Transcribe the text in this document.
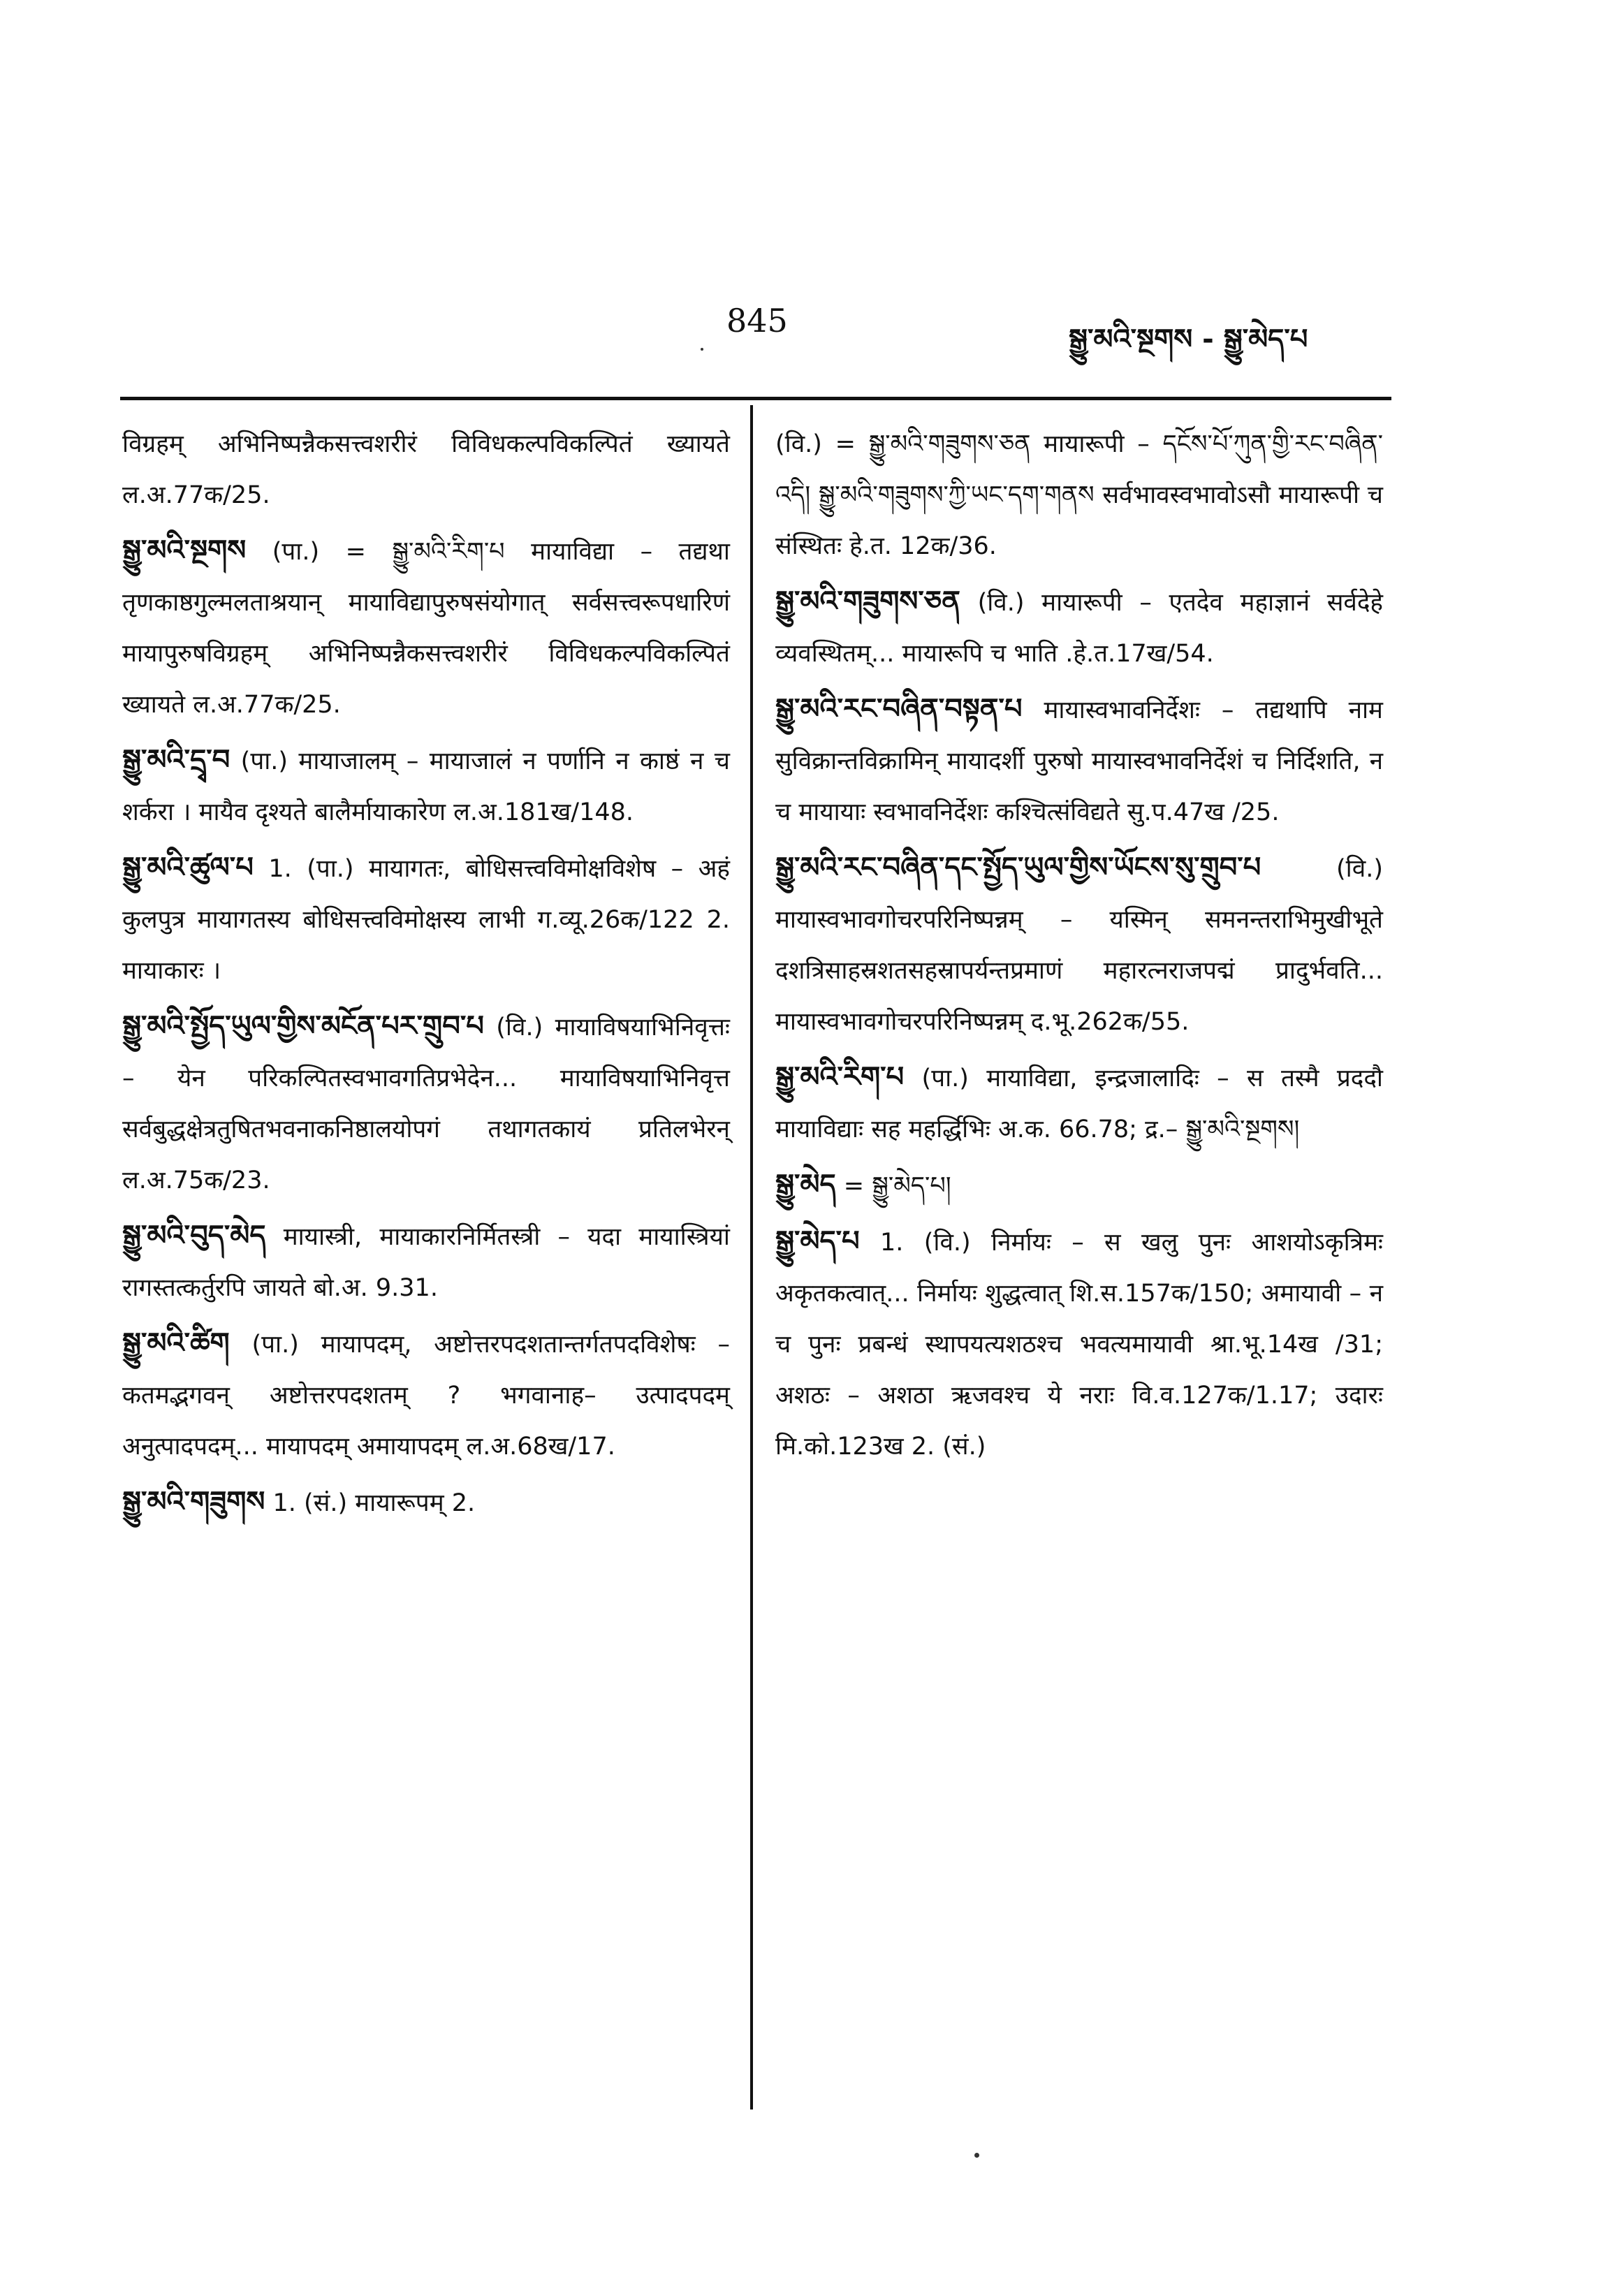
845	སྒྱུ་མའི་སྔགས - སྒྱུ་མེད་པ
विग्रहम् अभिनिष्पन्नैकसत्त्वशरीरं विविधकल्पविकल्पितं ख्यायते ल.अ.77क/25.
སྒྱུ་མའི་སྔགས (पा.) = སྒྱུ་མའི་རིག་པ मायाविद्या – तद्यथा तृणकाष्ठगुल्मलताश्रयान् मायाविद्यापुरुषसंयोगात् सर्वसत्त्वरूपधारिणं मायापुरुषविग्रहम् अभिनिष्पन्नैकसत्त्वशरीरं विविधकल्पविकल्पितं ख्यायते ल.अ.77क/25.
སྒྱུ་མའི་དྲྭ་བ (पा.) मायाजालम् – मायाजालं न पर्णानि न काष्ठं न च शर्करा । मायैव दृश्यते बालैर्मायाकारेण ल.अ.181ख/148.
སྒྱུ་མའི་ཚུལ་པ 1. (पा.) मायागतः, बोधिसत्त्वविमोक्षविशेष – अहं कुलपुत्र मायागतस्य बोधिसत्त्वविमोक्षस्य लाभी ग.व्यू.26क/122 2. मायाकारः ।
སྒྱུ་མའི་སྤྱོད་ཡུལ་གྱིས་མངོན་པར་གྲུབ་པ (वि.) मायाविषयाभिनिवृत्तः – येन परिकल्पितस्वभावगतिप्रभेदेन... मायाविषयाभिनिवृत्त सर्वबुद्धक्षेत्रतुषितभवनाकनिष्ठालयोपगं तथागतकायं प्रतिलभेरन् ल.अ.75क/23.
སྒྱུ་མའི་བུད་མེད मायास्त्री, मायाकारनिर्मितस्त्री – यदा मायास्त्रियां रागस्तत्कर्तुरपि जायते बो.अ. 9.31.
སྒྱུ་མའི་ཚིག (पा.) मायापदम्, अष्टोत्तरपदशतान्तर्गतपदविशेषः – कतमद्भगवन् अष्टोत्तरपदशतम् ? भगवानाह– उत्पादपदम् अनुत्पादपदम्... मायापदम् अमायापदम् ल.अ.68ख/17.
སྒྱུ་མའི་གཟུགས 1. (सं.) मायारूपम् 2.
(वि.) = སྒྱུ་མའི་གཟུགས་ཅན मायारूपी – དངོས་པོ་ཀུན་གྱི་རང་བཞིན་འདི། སྒྱུ་མའི་གཟུགས་ཀྱི་ཡང་དག་གནས सर्वभावस्वभावोऽसौ मायारूपी च संस्थितः हे.त. 12क/36.
སྒྱུ་མའི་གཟུགས་ཅན (वि.) मायारूपी – एतदेव महाज्ञानं सर्वदेहे व्यवस्थितम्... मायारूपि च भाति .हे.त.17ख/54.
སྒྱུ་མའི་རང་བཞིན་བསྟན་པ मायास्वभावनिर्देशः – तद्यथापि नाम सुविक्रान्तविक्रामिन् मायादर्शी पुरुषो मायास्वभावनिर्देशं च निर्दिशति, न च मायायाः स्वभावनिर्देशः कश्चित्संविद्यते सु.प.47ख /25.
སྒྱུ་མའི་རང་བཞིན་དང་སྤྱོད་ཡུལ་གྱིས་ཡོངས་སུ་གྲུབ་པ	(वि.) मायास्वभावगोचरपरिनिष्पन्नम् – यस्मिन् समनन्तराभिमुखीभूते दशत्रिसाहस्रशतसहस्रापर्यन्तप्रमाणं महारत्नराजपद्मं प्रादुर्भवति... मायास्वभावगोचरपरिनिष्पन्नम् द.भू.262क/55.
སྒྱུ་མའི་རིག་པ (पा.) मायाविद्या, इन्द्रजालादिः – स तस्मै प्रददौ मायाविद्याः सह महर्द्धिभिः अ.क. 66.78; द्र.– སྒྱུ་མའི་སྔགས།
སྒྱུ་མེད = སྒྱུ་མེད་པ།
སྒྱུ་མེད་པ 1. (वि.) निर्मायः – स खलु पुनः आशयोऽकृत्रिमः अकृतकत्वात्... निर्मायः शुद्धत्वात् शि.स.157क/150; अमायावी – न च पुनः प्रबन्धं स्थापयत्यशठश्च भवत्यमायावी श्रा.भू.14ख /31; अशठः – अशठा ऋजवश्च ये नराः वि.व.127क/1.17; उदारः मि.को.123ख 2. (सं.)
